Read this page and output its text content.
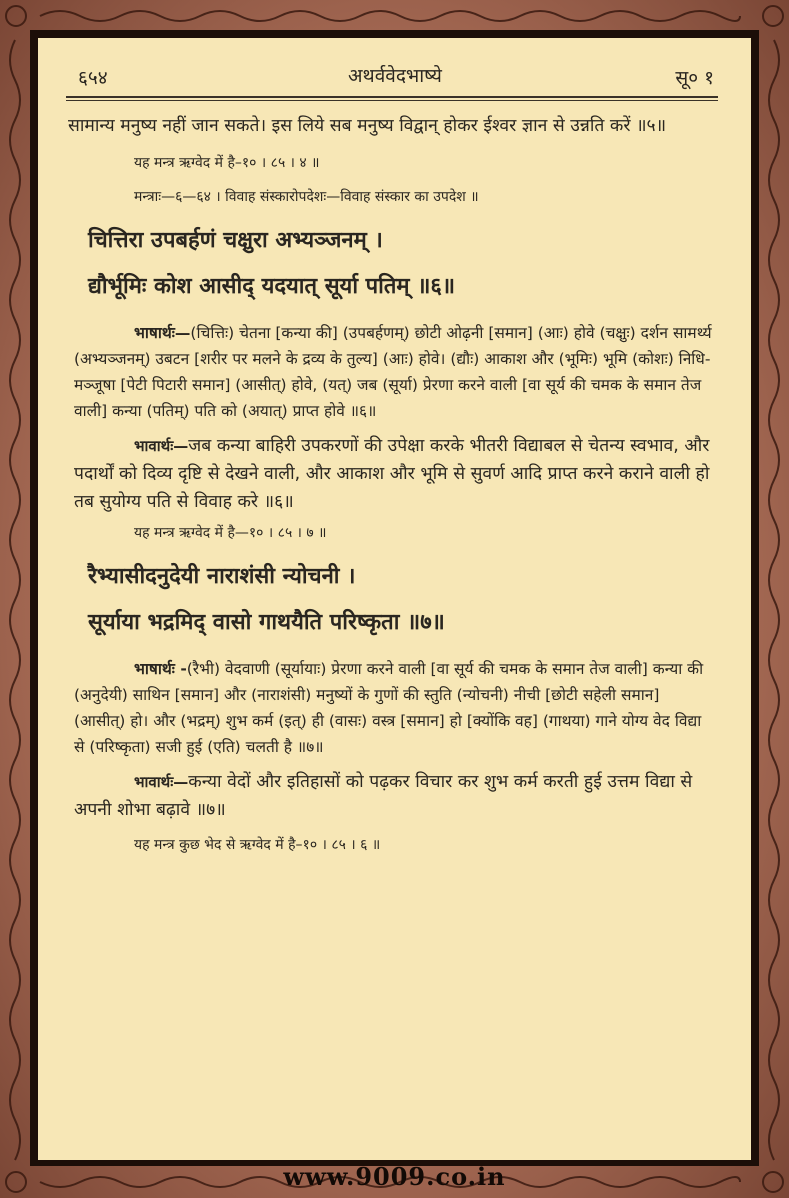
६५४	अथर्ववेदभाष्ये	सू० १

सामान्य मनुष्य नहीं जान सकते। इस लिये सब मनुष्य विद्वान् होकर ईश्वर ज्ञान से उन्नति करें ॥५॥

यह मन्त्र ऋग्वेद में है–१० । ८५ । ४ ॥

मन्त्राः—६—६४ । विवाह संस्कारोपदेशः—विवाह संस्कार का उपदेश ॥

चित्तिरा उपबर्हणं चक्षुरा अभ्यञ्जनम् ।

द्यौर्भूमिः कोश आसीद् यदयात् सूर्या पतिम् ॥६॥

भाषार्थः—(चित्तिः) चेतना [कन्या की] (उपबर्हणम्) छोटी ओढ़नी [समान] (आः) होवे (चक्षुः) दर्शन सामर्थ्य (अभ्यञ्जनम्) उबटन [शरीर पर मलने के द्रव्य के तुल्य] (आः) होवे। (द्यौः) आकाश और (भूमिः) भूमि (कोशः) निधि-मञ्जूषा [पेटी पिटारी समान] (आसीत्) होवे, (यत्) जब (सूर्या) प्रेरणा करने वाली [वा सूर्य की चमक के समान तेज वाली] कन्या (पतिम्) पति को (अयात्) प्राप्त होवे ॥६॥

भावार्थः—जब कन्या बाहिरी उपकरणों की उपेक्षा करके भीतरी विद्याबल से चेतन्य स्वभाव, और पदार्थों को दिव्य दृष्टि से देखने वाली, और आकाश और भूमि से सुवर्ण आदि प्राप्त करने कराने वाली हो तब सुयोग्य पति से विवाह करे ॥६॥

यह मन्त्र ऋग्वेद में है—१० । ८५ । ७ ॥

रैभ्यासीदनुदेयी नाराशंसी न्योचनी ।

सूर्याया भद्रमिद् वासो गाथयैति परिष्कृता ॥७॥

भाषार्थः -(रैभी) वेदवाणी (सूर्यायाः) प्रेरणा करने वाली [वा सूर्य की चमक के समान तेज वाली] कन्या की (अनुदेयी) साथिन [समान] और (नाराशंसी) मनुष्यों के गुणों की स्तुति (न्योचनी) नीची [छोटी सहेली समान] (आसीत्) हो। और (भद्रम्) शुभ कर्म (इत्) ही (वासः) वस्त्र [समान] हो [क्योंकि वह] (गाथया) गाने योग्य वेद विद्या से (परिष्कृता) सजी हुई (एति) चलती है ॥७॥

भावार्थः—कन्या वेदों और इतिहासों को पढ़कर विचार कर शुभ कर्म करती हुई उत्तम विद्या से अपनी शोभा बढ़ावे ॥७॥

यह मन्त्र कुछ भेद से ऋग्वेद में है–१० । ८५ । ६ ॥

www.9009.co.in
